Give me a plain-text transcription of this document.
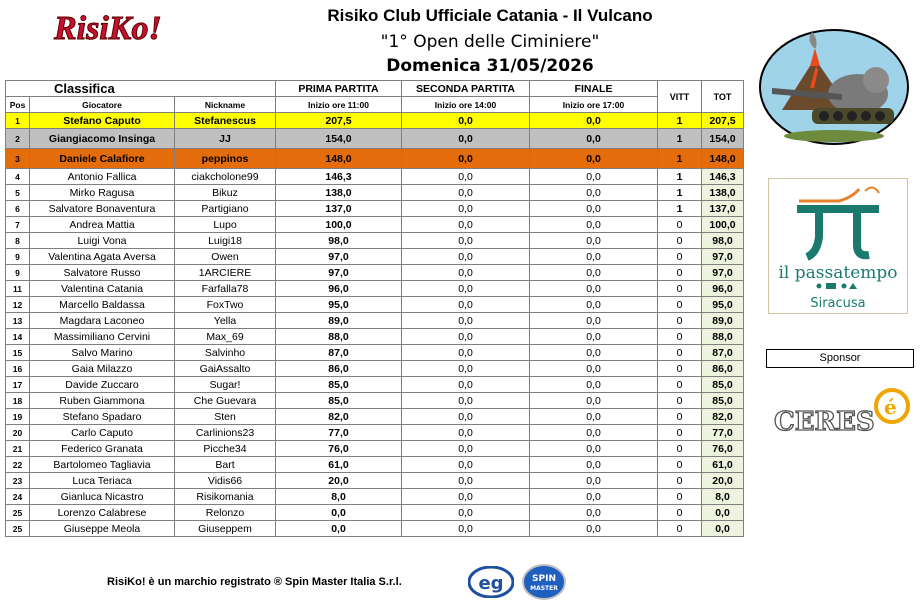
RisiKo!	Risiko Club Ufficiale Catania - Il Vulcano
"1° Open delle Ciminiere"
Domenica 31/05/2026
il passatempo
Siracusa
Sponsor
CERES é
Classifica			PRIMA PARTITA	SECONDA PARTITA	FINALE	VITT	TOT
Pos	Giocatore	Nickname	Inizio ore 11:00	Inizio ore 14:00	Inizio ore 17:00		
1	Stefano Caputo	Stefanescus	207,5	0,0	0,0	1	207,5
2	Giangiacomo Insinga	JJ	154,0	0,0	0,0	1	154,0
3	Daniele Calafiore	peppinos	148,0	0,0	0,0	1	148,0
4	Antonio Fallica	ciakcholone99	146,3	0,0	0,0	1	146,3
5	Mirko Ragusa	Bikuz	138,0	0,0	0,0	1	138,0
6	Salvatore Bonaventura	Partigiano	137,0	0,0	0,0	1	137,0
7	Andrea Mattia	Lupo	100,0	0,0	0,0	0	100,0
8	Luigi Vona	Luigi18	98,0	0,0	0,0	0	98,0
9	Valentina Agata Aversa	Owen	97,0	0,0	0,0	0	97,0
9	Salvatore Russo	1ARCIERE	97,0	0,0	0,0	0	97,0
11	Valentina Catania	Farfalla78	96,0	0,0	0,0	0	96,0
12	Marcello Baldassa	FoxTwo	95,0	0,0	0,0	0	95,0
13	Magdara Laconeo	Yella	89,0	0,0	0,0	0	89,0
14	Massimiliano Cervini	Max_69	88,0	0,0	0,0	0	88,0
15	Salvo Marino	Salvinho	87,0	0,0	0,0	0	87,0
16	Gaia Milazzo	GaiAssalto	86,0	0,0	0,0	0	86,0
17	Davide Zuccaro	Sugar!	85,0	0,0	0,0	0	85,0
18	Ruben Giammona	Che Guevara	85,0	0,0	0,0	0	85,0
19	Stefano Spadaro	Sten	82,0	0,0	0,0	0	82,0
20	Carlo Caputo	Carlinions23	77,0	0,0	0,0	0	77,0
21	Federico Granata	Picche34	76,0	0,0	0,0	0	76,0
22	Bartolomeo Tagliavia	Bart	61,0	0,0	0,0	0	61,0
23	Luca Teriaca	Vidis66	20,0	0,0	0,0	0	20,0
24	Gianluca Nicastro	Risikomania	8,0	0,0	0,0	0	8,0
25	Lorenzo Calabrese	Relonzo	0,0	0,0	0,0	0	0,0
25	Giuseppe Meola	Giuseppem	0,0	0,0	0,0	0	0,0
RisiKo! è un marchio registrato ® Spin Master Italia S.r.l.	eg	SPIN
MASTER
